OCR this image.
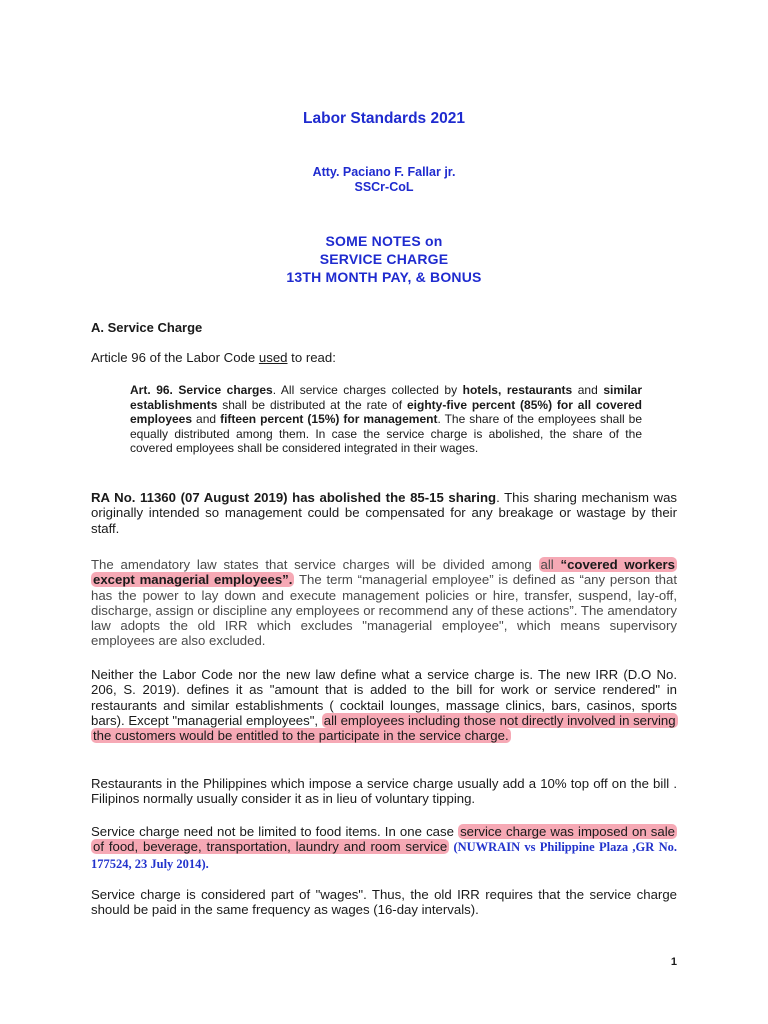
Labor Standards 2021
Atty. Paciano F. Fallar jr.
SSCr-CoL
SOME NOTES on
SERVICE CHARGE
13TH MONTH PAY, & BONUS
A. Service Charge
Article 96 of the Labor Code used to read:
Art. 96. Service charges. All service charges collected by hotels, restaurants and similar establishments shall be distributed at the rate of eighty-five percent (85%) for all covered employees and fifteen percent (15%) for management. The share of the employees shall be equally distributed among them. In case the service charge is abolished, the share of the covered employees shall be considered integrated in their wages.
RA No. 11360 (07 August 2019) has abolished the 85-15 sharing. This sharing mechanism was originally intended so management could be compensated for any breakage or wastage by their staff.
The amendatory law states that service charges will be divided among all “covered workers except managerial employees”. The term “managerial employee” is defined as “any person that has the power to lay down and execute management policies or hire, transfer, suspend, lay-off, discharge, assign or discipline any employees or recommend any of these actions”. The amendatory law adopts the old IRR which excludes "managerial employee", which means supervisory employees are also excluded.
Neither the Labor Code nor the new law define what a service charge is. The new IRR (D.O No. 206, S. 2019). defines it as "amount that is added to the bill for work or service rendered" in restaurants and similar establishments ( cocktail lounges, massage clinics, bars, casinos, sports bars). Except "managerial employees", all employees including those not directly involved in serving the customers would be entitled to the participate in the service charge.
Restaurants in the Philippines which impose a service charge usually add a 10% top off on the bill . Filipinos normally usually consider it as in lieu of voluntary tipping.
Service charge need not be limited to food items. In one case service charge was imposed on sale of food, beverage, transportation, laundry and room service (NUWRAIN vs Philippine Plaza ,GR No. 177524, 23 July 2014).
Service charge is considered part of "wages". Thus, the old IRR requires that the service charge should be paid in the same frequency as wages (16-day intervals).
1
